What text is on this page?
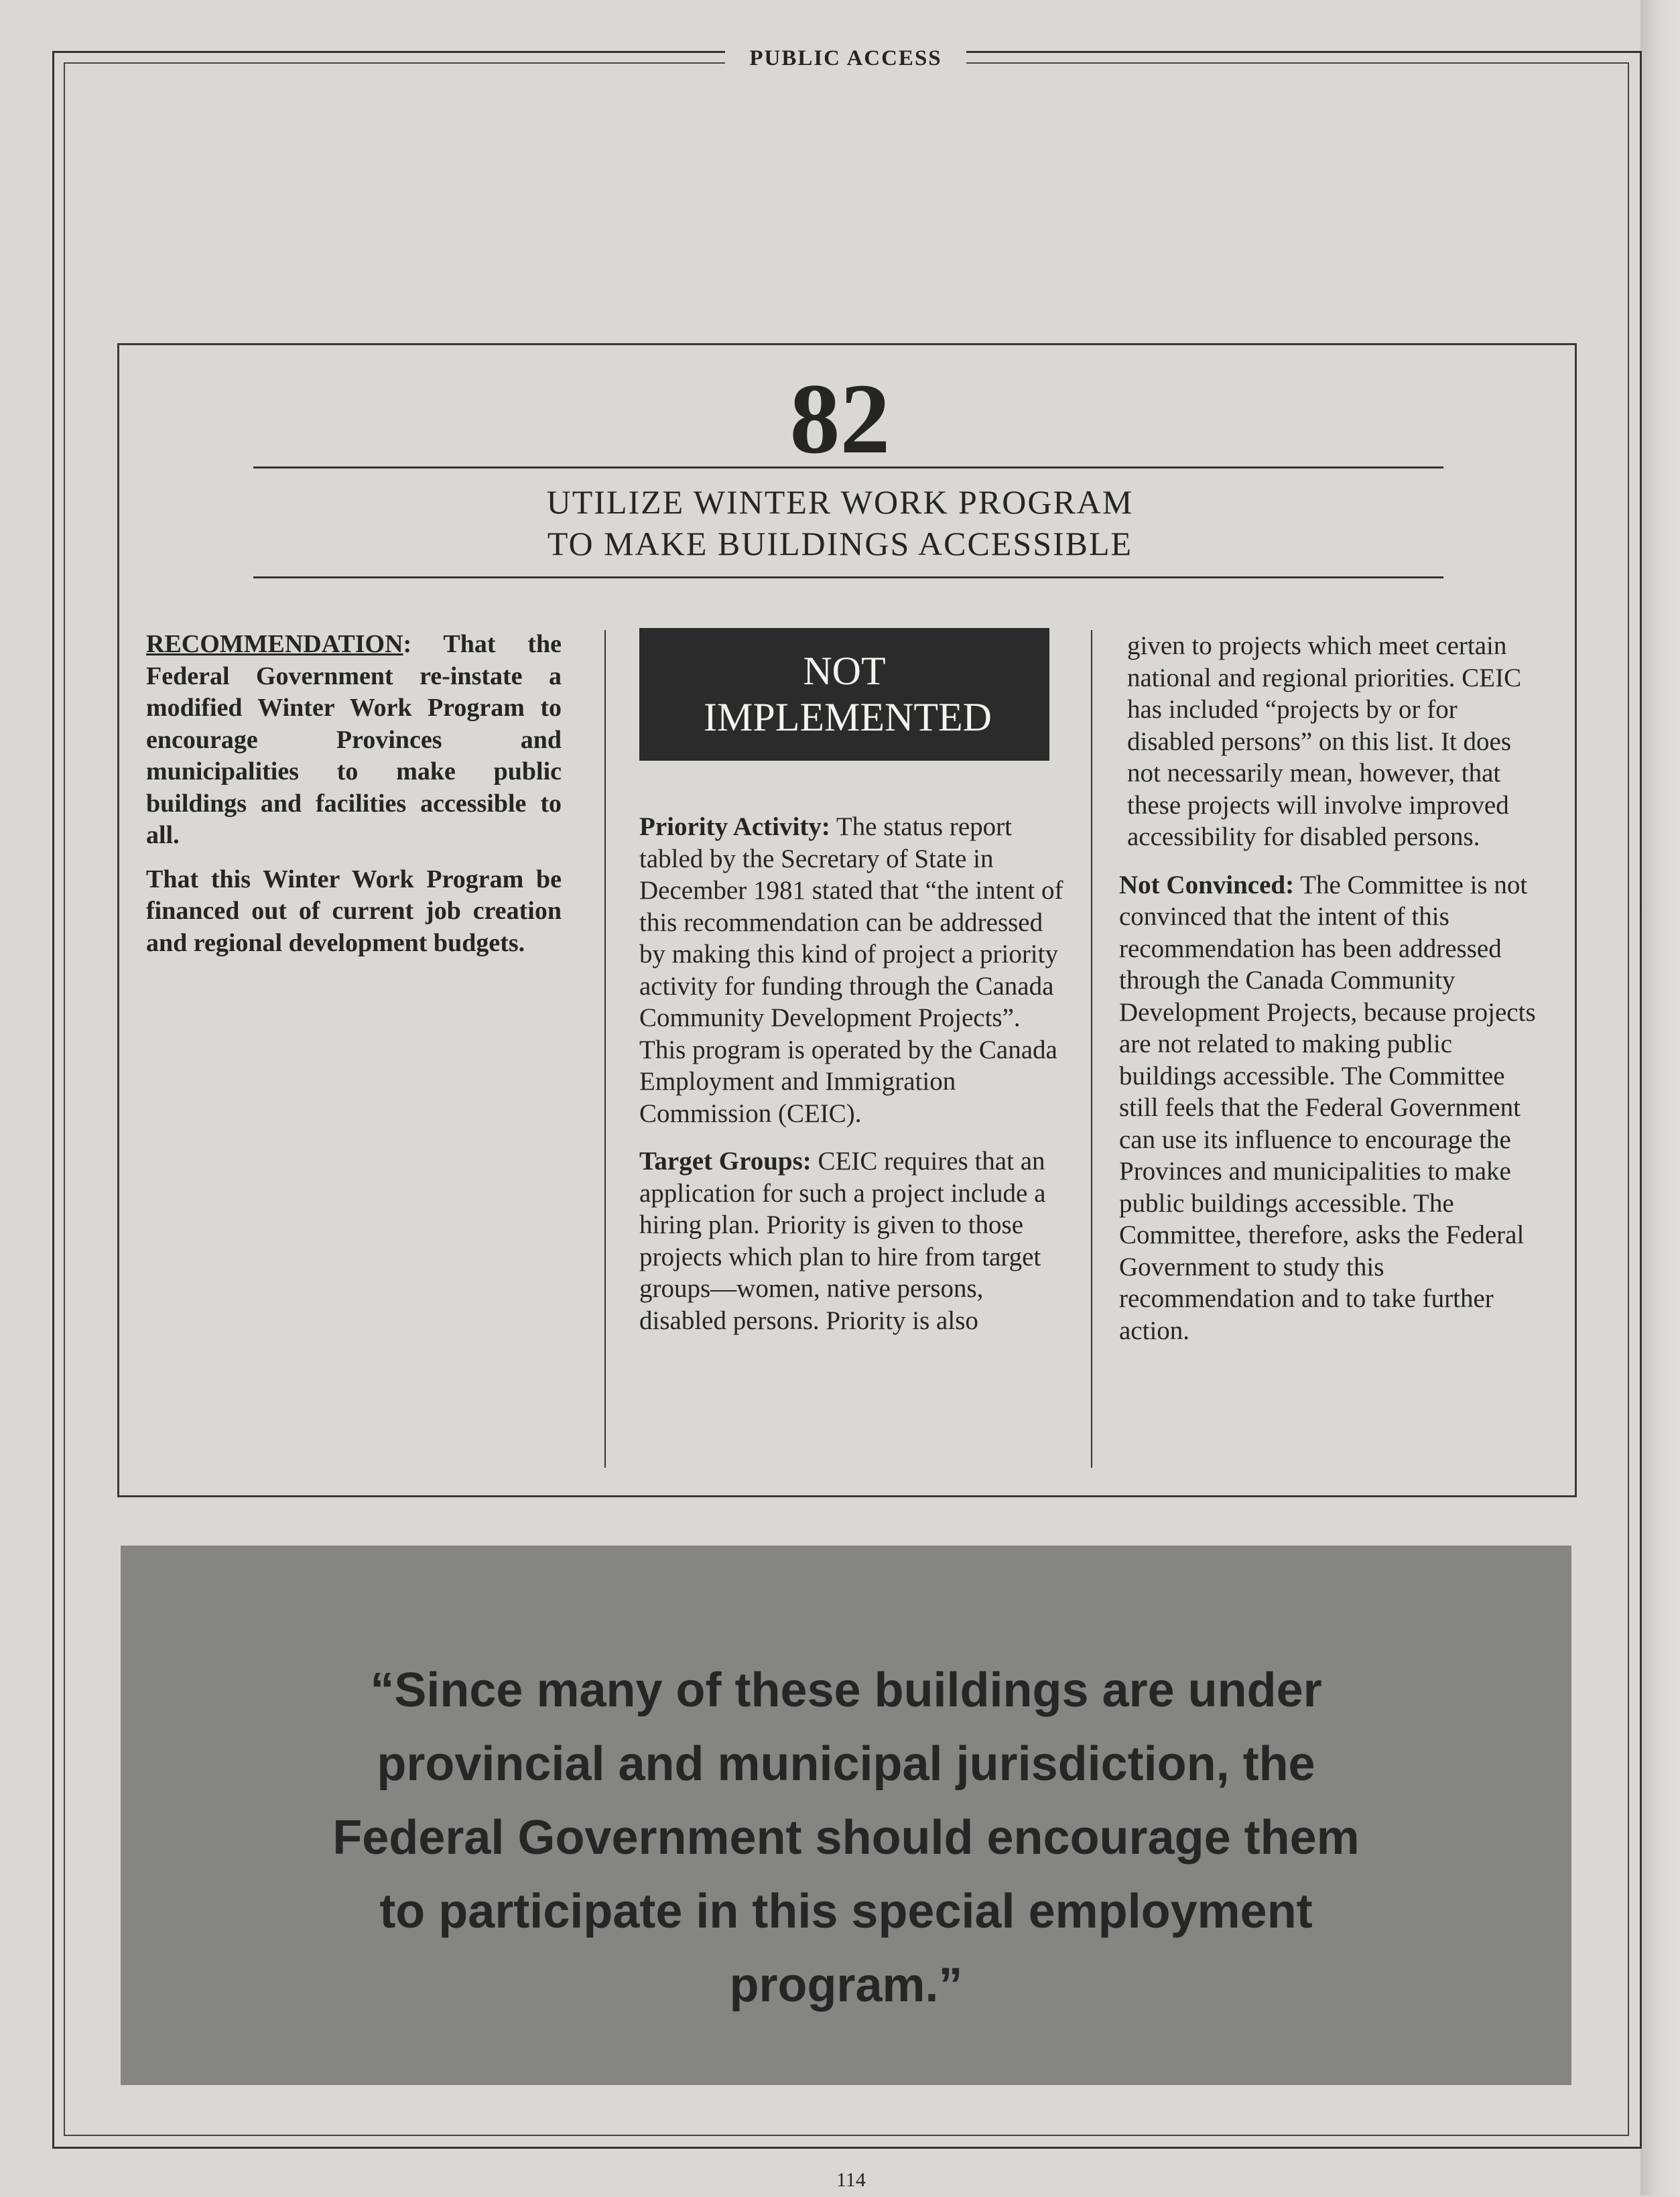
PUBLIC ACCESS
82
UTILIZE WINTER WORK PROGRAM
TO MAKE BUILDINGS ACCESSIBLE

RECOMMENDATION: That the Federal Government re-instate a modified Winter Work Program to encourage Provinces and municipalities to make public buildings and facilities accessible to all.

That this Winter Work Program be financed out of current job creation and regional development budgets.

NOT IMPLEMENTED

Priority Activity: The status report tabled by the Secretary of State in December 1981 stated that “the intent of this recommendation can be addressed by making this kind of project a priority activity for funding through the Canada Community Development Projects”. This program is operated by the Canada Employment and Immigration Commission (CEIC).

Target Groups: CEIC requires that an application for such a project include a hiring plan. Priority is given to those projects which plan to hire from target groups—women, native persons, disabled persons. Priority is also

given to projects which meet certain national and regional priorities. CEIC has included “projects by or for disabled persons” on this list. It does not necessarily mean, however, that these projects will involve improved accessibility for disabled persons.

Not Convinced: The Committee is not convinced that the intent of this recommendation has been addressed through the Canada Community Development Projects, because projects are not related to making public buildings accessible. The Committee still feels that the Federal Government can use its influence to encourage the Provinces and municipalities to make public buildings accessible. The Committee, therefore, asks the Federal Government to study this recommendation and to take further action.

“Since many of these buildings are under
provincial and municipal jurisdiction, the
Federal Government should encourage them
to participate in this special employment
program.”
114
